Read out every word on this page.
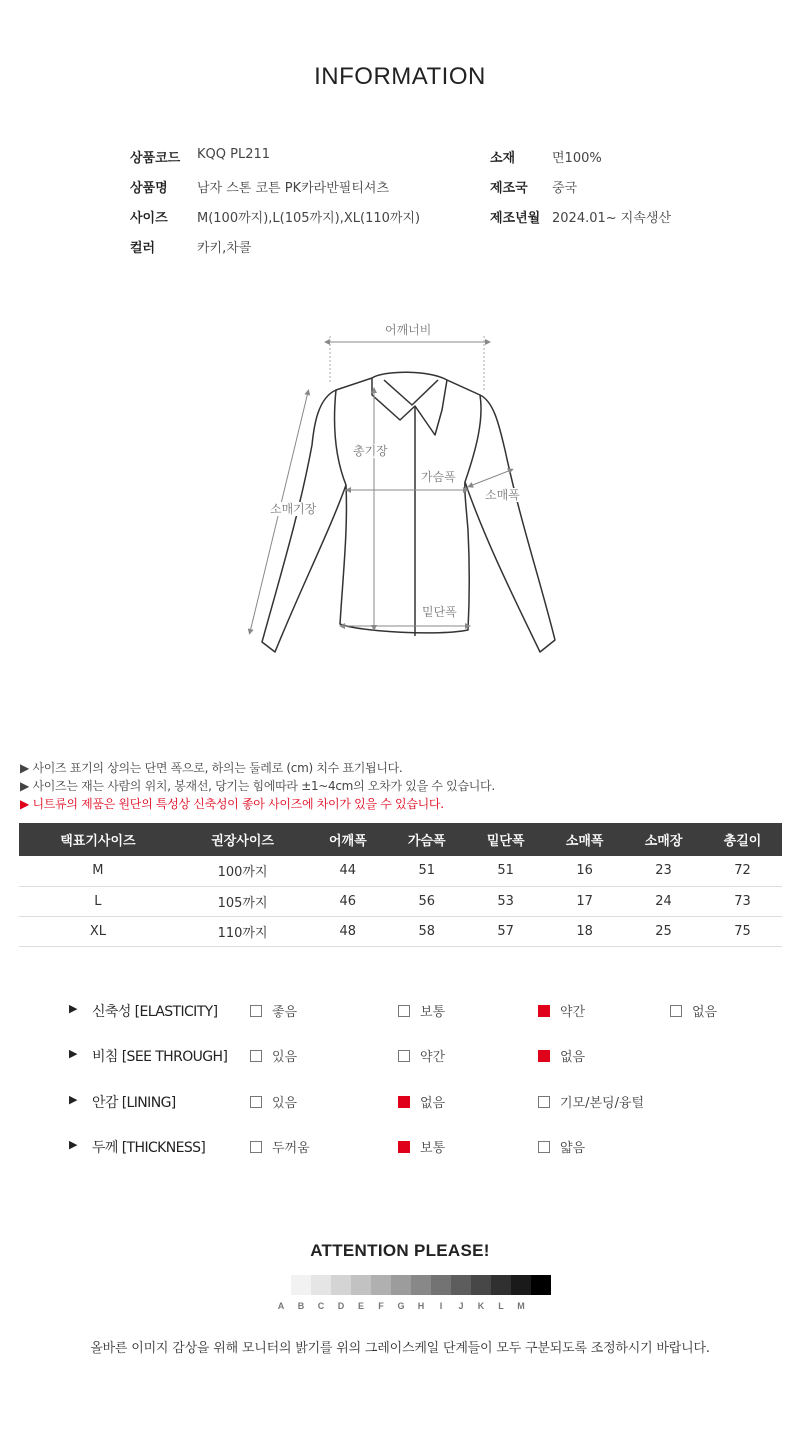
INFORMATION
상품코드 KQQ PL211
상품명 남자 스톤 코튼 PK카라반필티셔츠
사이즈 M(100까지),L(105까지),XL(110까지)
컬러	카키,차콜
소재	면100%
제조국 중국
제조년월 2024.01~ 지속생산
어깨너비
총기장
가슴폭
소매폭
소매기장
밑단폭
▶ 사이즈 표기의 상의는 단면 폭으로, 하의는 둘레로 (cm) 치수 표기됩니다.
▶ 사이즈는 재는 사람의 위치, 봉재선, 당기는 힘에따라 ±1~4cm의 오차가 있을 수 있습니다.
▶ 니트류의 제품은 원단의 특성상 신축성이 좋아 사이즈에 차이가 있을 수 있습니다.
택표기사이즈	권장사이즈	어깨폭	가슴폭	밑단폭	소매폭	소매장	총길이
M	100까지	44	51	51	16	23	72
L	105까지	46	56	53	17	24	73
XL	110까지	48	58	57	18	25	75
▶ 신축성 [ELASTICITY]	좋음	보통	약간	없음
▶ 비침 [SEE THROUGH]	있음	약간	없음
▶ 안감 [LINING]	있음	없음	기모/본딩/융털
▶ 두께 [THICKNESS]	두꺼움	보통	얇음
ATTENTION PLEASE!
A	B	C	D	E	F	G	H	I	J	K	L	M
올바른 이미지 감상을 위해 모니터의 밝기를 위의 그레이스케일 단계들이 모두 구분되도록 조정하시기 바랍니다.
